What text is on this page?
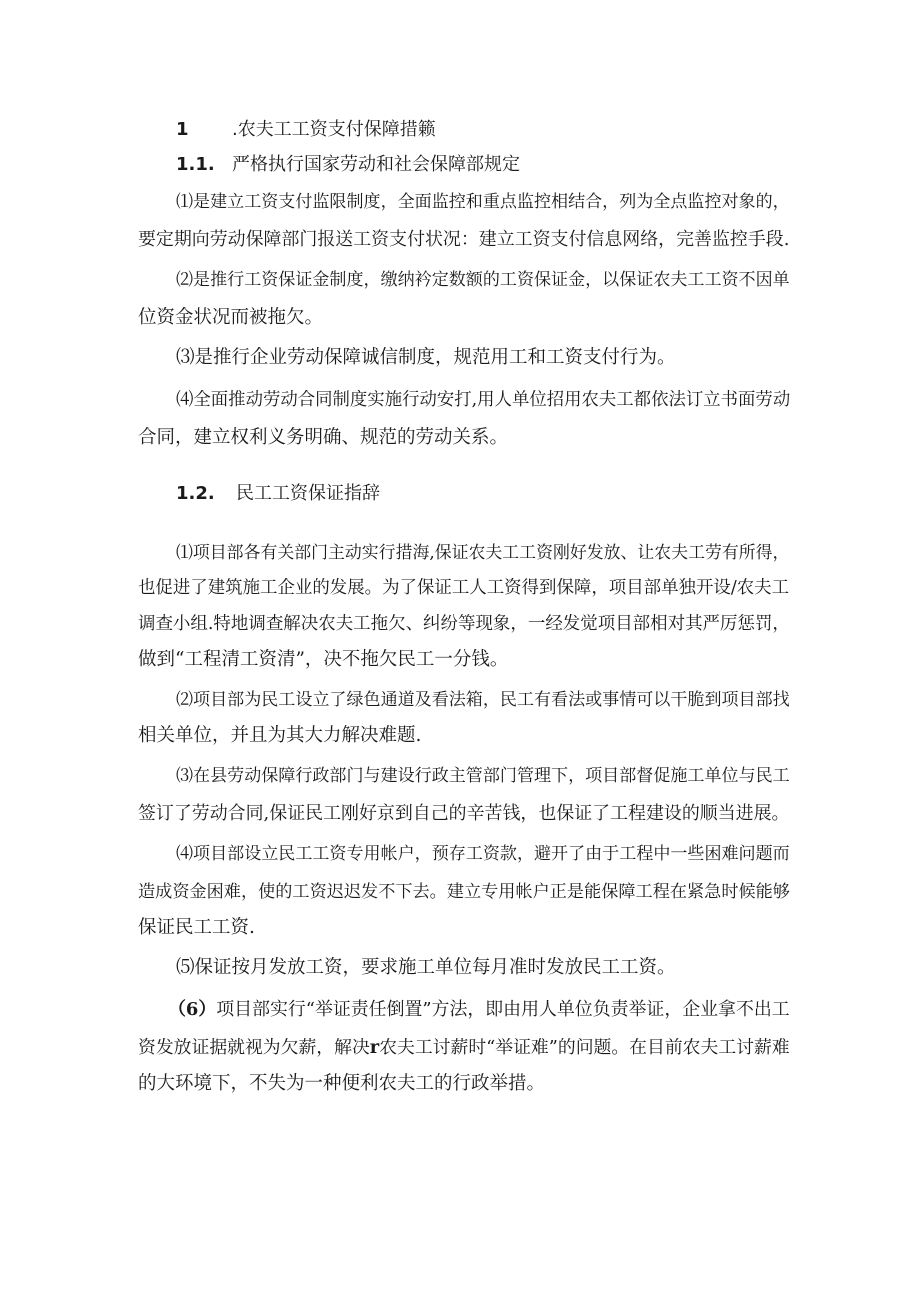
1 .农夫工工资支付保障措籁
1.1. 严格执行国家劳动和社会保障部规定

⑴是建立工资支付监限制度，全面监控和重点监控相结合，列为全点监控对象的，

要定期向劳动保障部门报送工资支付状况：建立工资支付信息网络，完善监控手段.

⑵是推行工资保证金制度，缴纳衿定数额的工资保证金，以保证农夫工工资不因单

位资金状况而被拖欠。

⑶是推行企业劳动保障诚信制度，规范用工和工资支付行为。

⑷全面推动劳动合同制度实施行动安打,用人单位招用农夫工都依法订立书面劳动

合同，建立权利义务明确、规范的劳动关系。

1.2. 民工工资保证指辞

⑴项目部各有关部门主动实行措海,保证农夫工工资刚好发放、让农夫工劳有所得，

也促进了建筑施工企业的发展。为了保证工人工资得到保障，项目部单独开设/农夫工

调查小组.特地调查解决农夫工拖欠、纠纷等现象，一经发觉项目部相对其严厉惩罚，

做到“工程清工资清”，决不拖欠民工一分钱。

⑵项目部为民工设立了绿色通道及看法箱，民工有看法或事情可以干脆到项目部找

相关单位，并且为其大力解决难题.

⑶在县劳动保障行政部门与建设行政主管部门管理下，项目部督促施工单位与民工

签订了劳动合同,保证民工刚好京到自己的辛苦钱，也保证了工程建设的顺当进展。

⑷项目部设立民工工资专用帐户，预存工资款，避开了由于工程中一些困难问题而

造成资金困难，使的工资迟迟发不下去。建立专用帐户正是能保障工程在紧急时候能够

保证民工工资.

⑸保证按月发放工资，要求施工单位每月准时发放民工工资。

（6）项目部实行“举证责任倒置”方法，即由用人单位负责举证，企业拿不出工

资发放证据就视为欠薪，解决r农夫工讨薪时“举证难”的问题。在目前农夫工讨薪难

的大环境下，不失为一种便利农夫工的行政举措。
